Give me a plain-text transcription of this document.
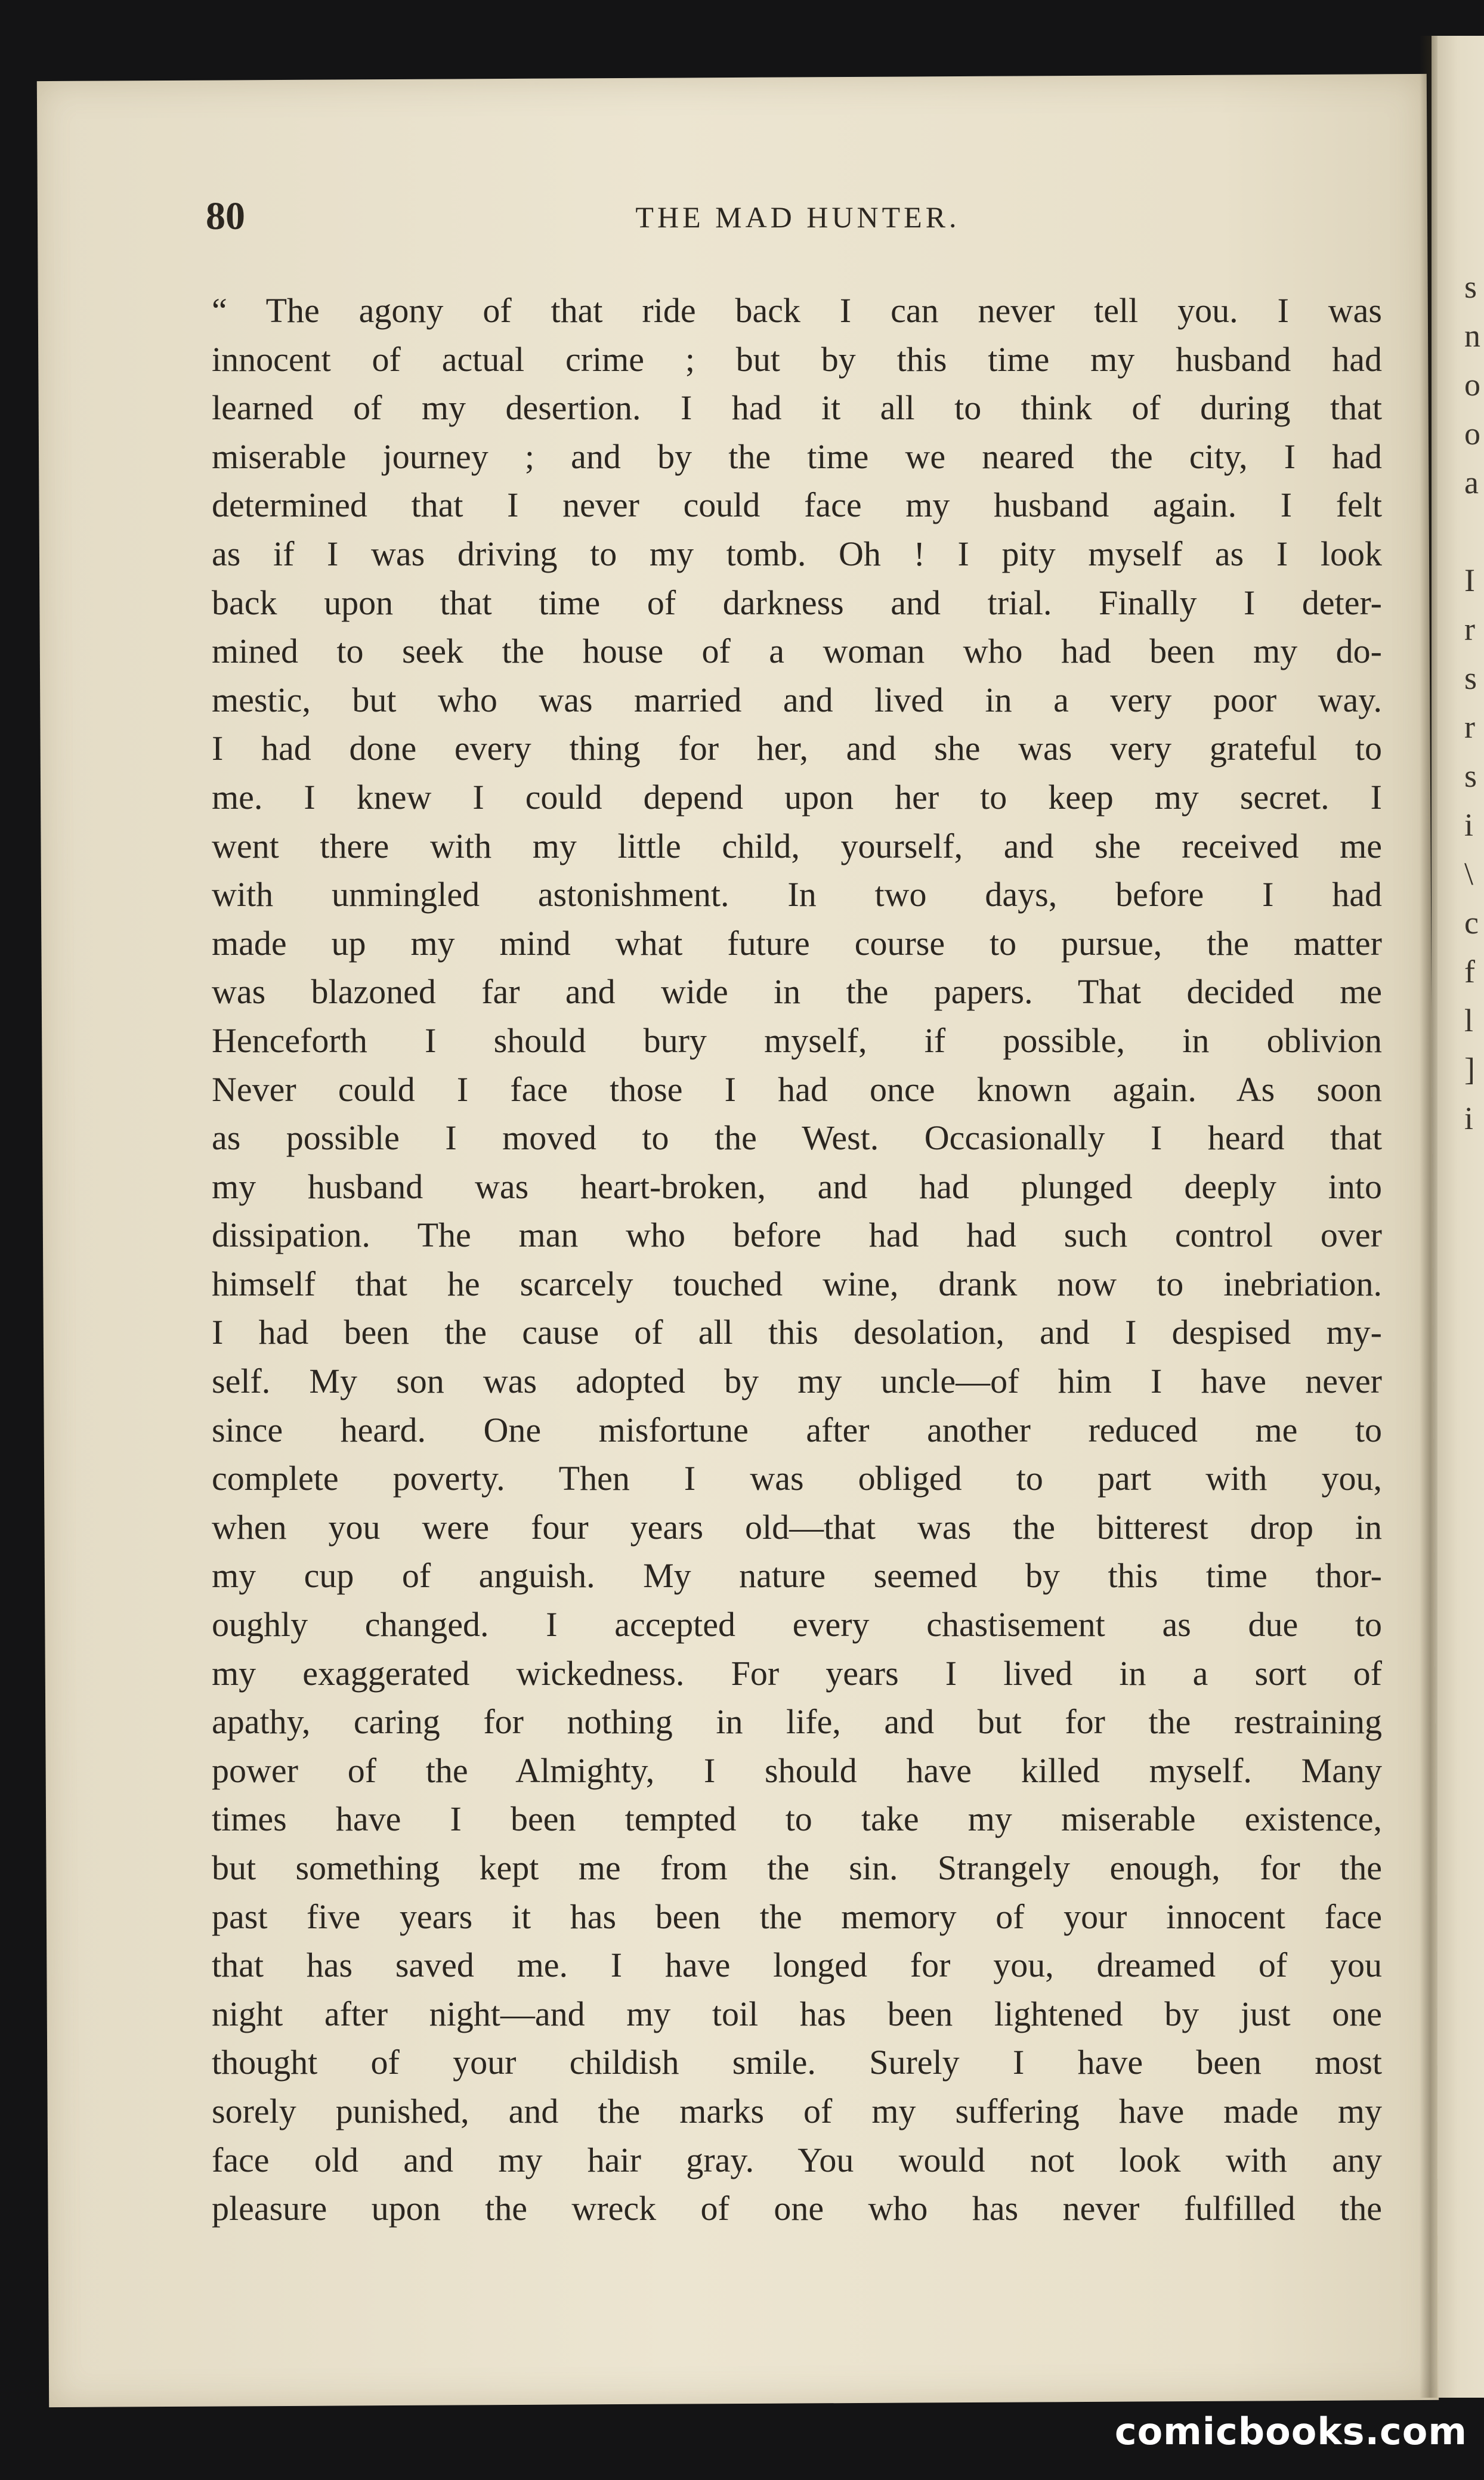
s
n
o
o
a
I
r
s
r
s
i
\
c
f
l
]
i
80	THE MAD HUNTER.
“ The agony of that ride back I can never tell you. I was
innocent of actual crime ; but by this time my husband had
learned of my desertion. I had it all to think of during that
miserable journey ; and by the time we neared the city, I had
determined that I never could face my husband again. I felt
as if I was driving to my tomb. Oh ! I pity myself as I look
back upon that time of darkness and trial. Finally I deter-
mined to seek the house of a woman who had been my do-
mestic, but who was married and lived in a very poor way.
I had done every thing for her, and she was very grateful to
me. I knew I could depend upon her to keep my secret. I
went there with my little child, yourself, and she received me
with unmingled astonishment. In two days, before I had
made up my mind what future course to pursue, the matter
was blazoned far and wide in the papers. That decided me
Henceforth I should bury myself, if possible, in oblivion
Never could I face those I had once known again. As soon
as possible I moved to the West. Occasionally I heard that
my husband was heart-broken, and had plunged deeply into
dissipation. The man who before had had such control over
himself that he scarcely touched wine, drank now to inebriation.
I had been the cause of all this desolation, and I despised my-
self. My son was adopted by my uncle—of him I have never
since heard. One misfortune after another reduced me to
complete poverty. Then I was obliged to part with you,
when you were four years old—that was the bitterest drop in
my cup of anguish. My nature seemed by this time thor-
oughly changed. I accepted every chastisement as due to
my exaggerated wickedness. For years I lived in a sort of
apathy, caring for nothing in life, and but for the restraining
power of the Almighty, I should have killed myself. Many
times have I been tempted to take my miserable existence,
but something kept me from the sin. Strangely enough, for the
past five years it has been the memory of your innocent face
that has saved me. I have longed for you, dreamed of you
night after night—and my toil has been lightened by just one
thought of your childish smile. Surely I have been most
sorely punished, and the marks of my suffering have made my
face old and my hair gray. You would not look with any
pleasure upon the wreck of one who has never fulfilled the
comicbooks.com
